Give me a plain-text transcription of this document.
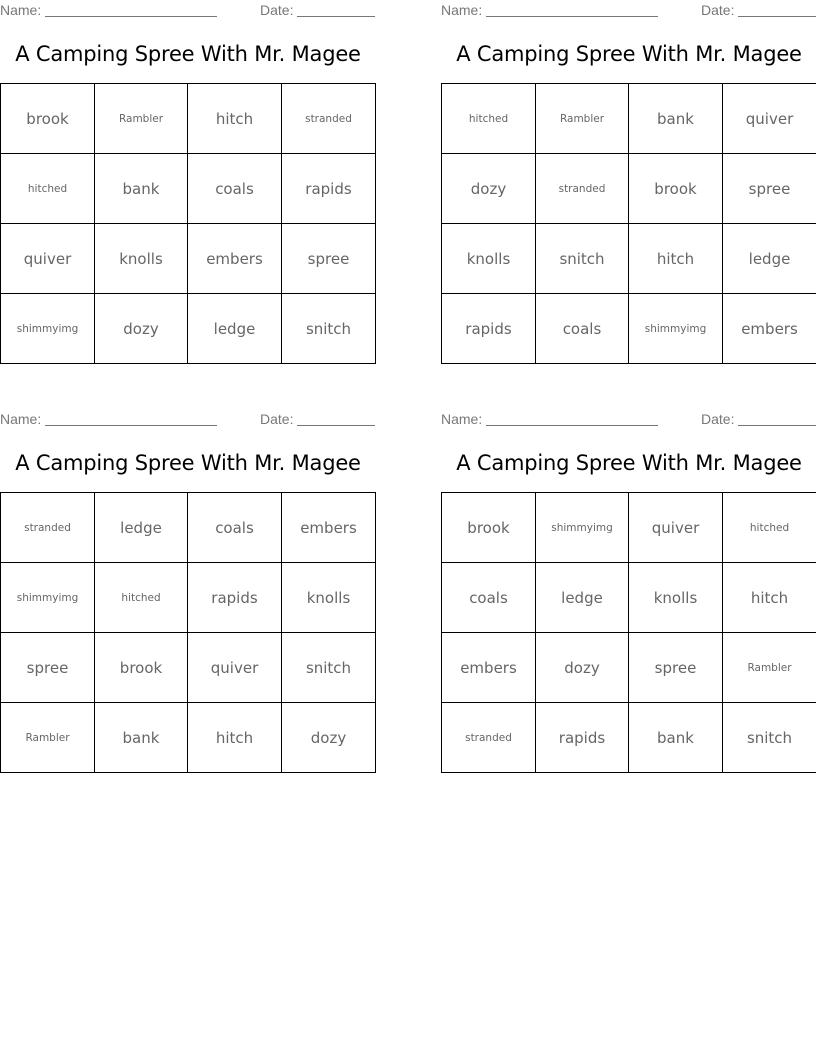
Name:	Date:
A Camping Spree With Mr. Magee
brook	Rambler	hitch	stranded
hitched	bank	coals	rapids
quiver	knolls	embers	spree
shimmyimg	dozy	ledge	snitch
Name:	Date:
A Camping Spree With Mr. Magee
hitched	Rambler	bank	quiver
dozy	stranded	brook	spree
knolls	snitch	hitch	ledge
rapids	coals	shimmyimg	embers
Name:	Date:
A Camping Spree With Mr. Magee
stranded	ledge	coals	embers
shimmyimg	hitched	rapids	knolls
spree	brook	quiver	snitch
Rambler	bank	hitch	dozy
Name:	Date:
A Camping Spree With Mr. Magee
brook	shimmyimg	quiver	hitched
coals	ledge	knolls	hitch
embers	dozy	spree	Rambler
stranded	rapids	bank	snitch
